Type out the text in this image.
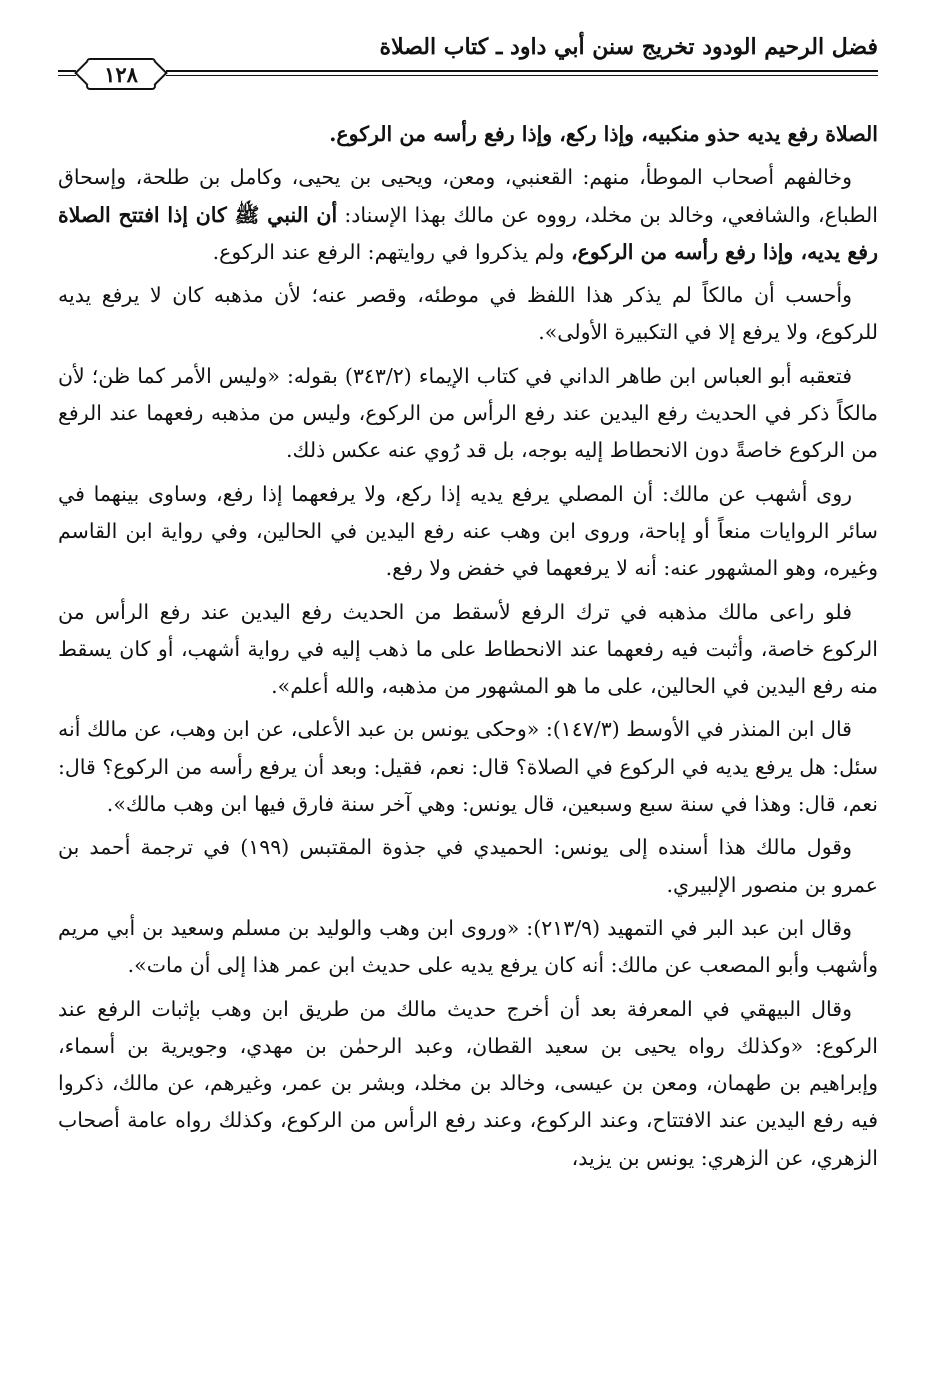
فضل الرحيم الودود تخريج سنن أبي داود ـ كتاب الصلاة
١٢٨

الصلاة رفع يديه حذو منكبيه، وإذا ركع، وإذا رفع رأسه من الركوع.

وخالفهم أصحاب الموطأ، منهم: القعنبي، ومعن، ويحيى بن يحيى، وكامل بن طلحة، وإسحاق الطباع، والشافعي، وخالد بن مخلد، رووه عن مالك بهذا الإسناد: أن النبي ﷺ كان إذا افتتح الصلاة رفع يديه، وإذا رفع رأسه من الركوع، ولم يذكروا في روايتهم: الرفع عند الركوع.

وأحسب أن مالكاً لم يذكر هذا اللفظ في موطئه، وقصر عنه؛ لأن مذهبه كان لا يرفع يديه للركوع، ولا يرفع إلا في التكبيرة الأولى».

فتعقبه أبو العباس ابن طاهر الداني في كتاب الإيماء (٣٤٣/٢) بقوله: «وليس الأمر كما ظن؛ لأن مالكاً ذكر في الحديث رفع اليدين عند رفع الرأس من الركوع، وليس من مذهبه رفعهما عند الرفع من الركوع خاصةً دون الانحطاط إليه بوجه، بل قد رُوي عنه عكس ذلك.

روى أشهب عن مالك: أن المصلي يرفع يديه إذا ركع، ولا يرفعهما إذا رفع، وساوى بينهما في سائر الروايات منعاً أو إباحة، وروى ابن وهب عنه رفع اليدين في الحالين، وفي رواية ابن القاسم وغيره، وهو المشهور عنه: أنه لا يرفعهما في خفض ولا رفع.

فلو راعى مالك مذهبه في ترك الرفع لأسقط من الحديث رفع اليدين عند رفع الرأس من الركوع خاصة، وأثبت فيه رفعهما عند الانحطاط على ما ذهب إليه في رواية أشهب، أو كان يسقط منه رفع اليدين في الحالين، على ما هو المشهور من مذهبه، والله أعلم».

قال ابن المنذر في الأوسط (١٤٧/٣): «وحكى يونس بن عبد الأعلى، عن ابن وهب، عن مالك أنه سئل: هل يرفع يديه في الركوع في الصلاة؟ قال: نعم، فقيل: وبعد أن يرفع رأسه من الركوع؟ قال: نعم، قال: وهذا في سنة سبع وسبعين، قال يونس: وهي آخر سنة فارق فيها ابن وهب مالك».

وقول مالك هذا أسنده إلى يونس: الحميدي في جذوة المقتبس (١٩٩) في ترجمة أحمد بن عمرو بن منصور الإلبيري.

وقال ابن عبد البر في التمهيد (٢١٣/٩): «وروى ابن وهب والوليد بن مسلم وسعيد بن أبي مريم وأشهب وأبو المصعب عن مالك: أنه كان يرفع يديه على حديث ابن عمر هذا إلى أن مات».

وقال البيهقي في المعرفة بعد أن أخرج حديث مالك من طريق ابن وهب بإثبات الرفع عند الركوع: «وكذلك رواه يحيى بن سعيد القطان، وعبد الرحمٰن بن مهدي، وجويرية بن أسماء، وإبراهيم بن طهمان، ومعن بن عيسى، وخالد بن مخلد، وبشر بن عمر، وغيرهم، عن مالك، ذكروا فيه رفع اليدين عند الافتتاح، وعند الركوع، وعند رفع الرأس من الركوع، وكذلك رواه عامة أصحاب الزهري، عن الزهري: يونس بن يزيد،
